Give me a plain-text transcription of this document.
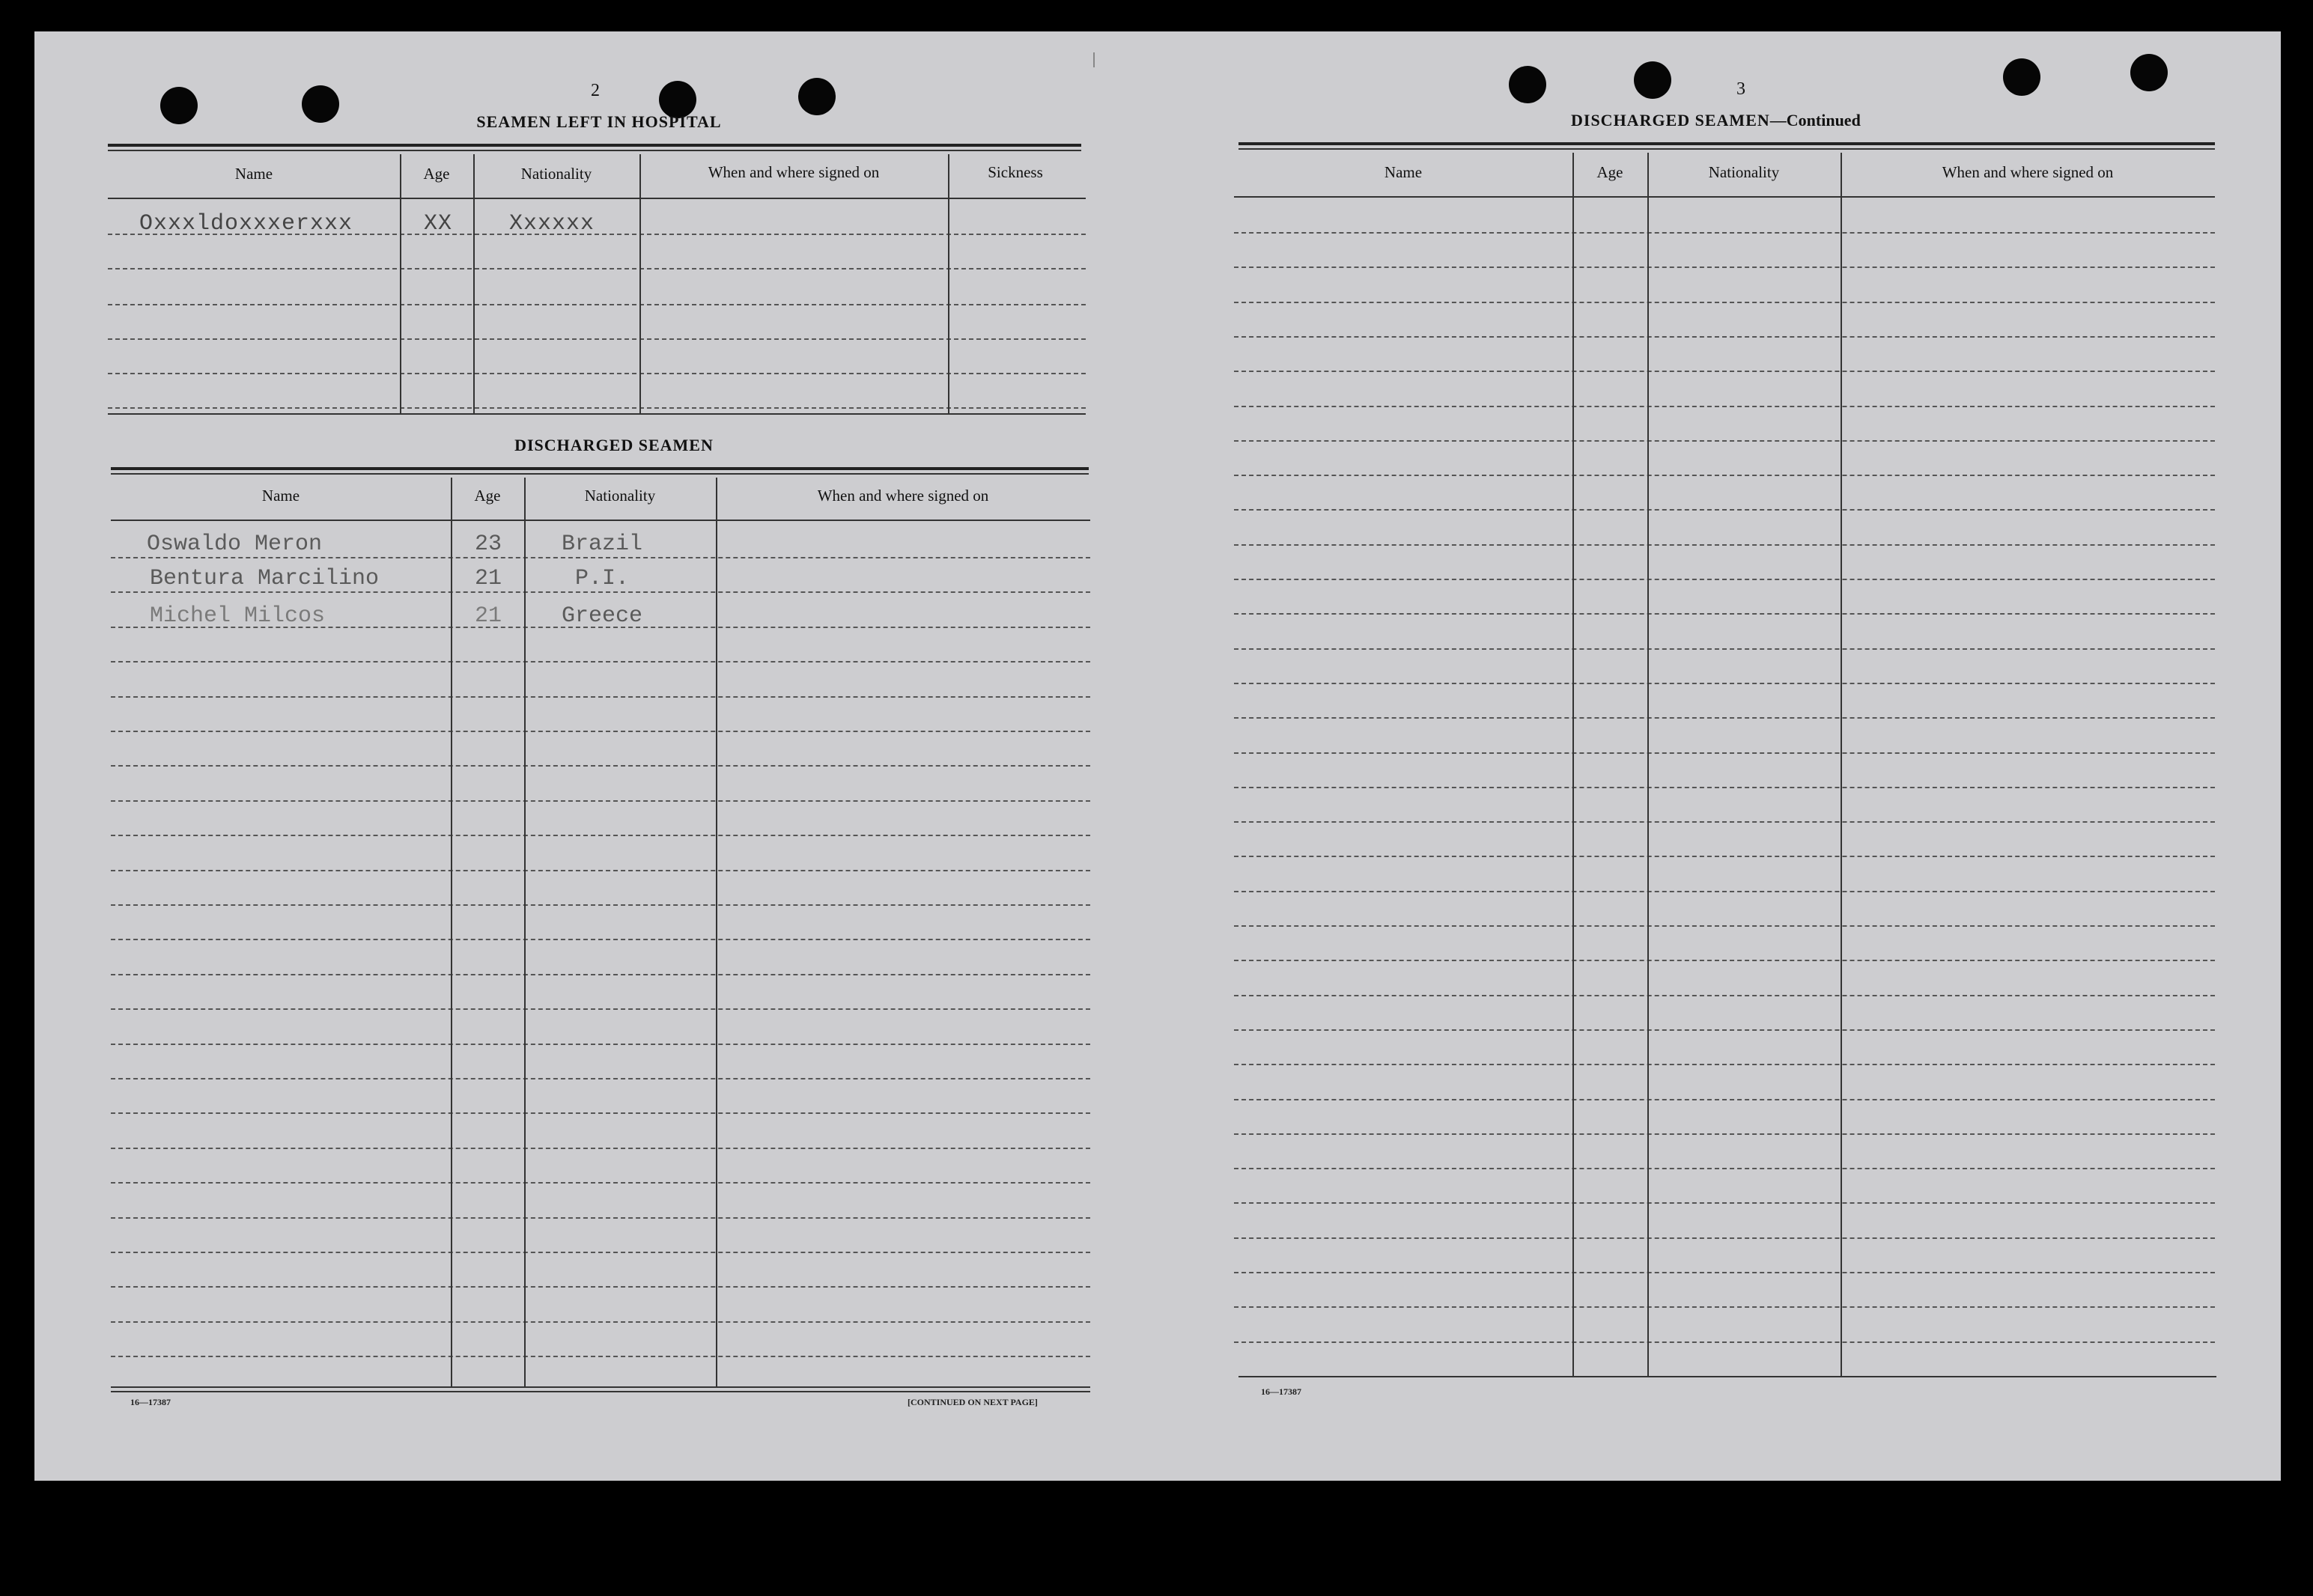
2
SEAMEN LEFT IN HOSPITAL
Name	Age	Nationality	When and where signed on	Sickness
Oxxxldoxxxerxxx	XX	Xxxxxx
DISCHARGED SEAMEN
Name	Age	Nationality	When and where signed on
Oswaldo Meron	23	Brazil
Bentura Marcilino	21	P.I.
Michel Milcos	21	Greece
16—17387	[CONTINUED ON NEXT PAGE]
3
DISCHARGED SEAMEN—Continued
Name	Age	Nationality	When and where signed on
16—17387
